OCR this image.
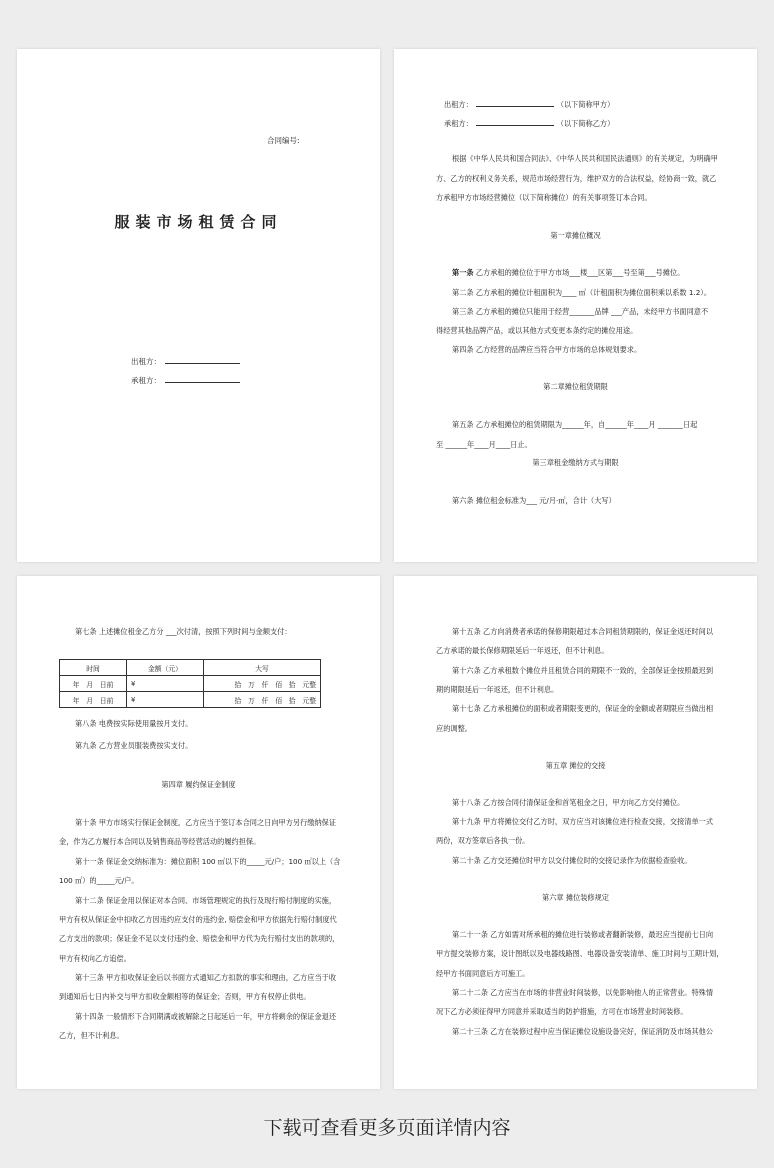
合同编号:
服装市场租赁合同
出租方：
承租方：
出租方：	（以下简称甲方）
承租方：	（以下简称乙方）
根据《中华人民共和国合同法》、《中华人民共和国民法通则》的有关规定，为明确甲
方、乙方的权利义务关系，规范市场经营行为，维护双方的合法权益，经协商一致，就乙
方承租甲方市场经营摊位（以下简称摊位）的有关事项签订本合同。
第一章摊位概况
第一条 乙方承租的摊位位于甲方市场___楼___区第___号至第___号摊位。
第二条 乙方承租的摊位计租面积为____ ㎡（计租面积为摊位面积乘以系数 1.2）。
第三条 乙方承租的摊位只能用于经营_______品牌 ___产品，未经甲方书面同意不
得经营其他品牌产品，或以其他方式变更本条约定的摊位用途。
第四条 乙方经营的品牌应当符合甲方市场的总体规划要求。
第二章摊位租赁期限
第五条 乙方承租摊位的租赁期限为______年，自______年____月 _______日起
至 ______年____月____日止。
第三章租金缴纳方式与期限
第六条 摊位租金标准为___ 元/月·㎡，合计（大写）
第七条 上述摊位租金乙方分 ___次付清，按照下列时间与金额支付：
时间	金额（元）	大写
年　月　日前	¥	拾　万　仟　佰　拾　元整
年　月　日前	¥	拾　万　仟　佰　拾　元整
第八条 电费按实际使用量按月支付。
第九条 乙方营业员服装费按实支付。
第四章 履约保证金制度
第十条 甲方市场实行保证金制度，乙方应当于签订本合同之日向甲方另行缴纳保证
金，作为乙方履行本合同以及销售商品等经营活动的履约担保。
第十一条 保证金交纳标准为：摊位面积 100 ㎡以下的_____元/户；100 ㎡以上（含
100 ㎡）的_____元/户。
第十二条 保证金用以保证对本合同、市场管理规定的执行及现行赔付制度的实施，
甲方有权从保证金中扣收乙方因违约应支付的违约金, 赔偿金和甲方依据先行赔付制度代
乙方支出的款项；保证金不足以支付违约金、赔偿金和甲方代为先行赔付支出的款项的，
甲方有权向乙方追偿。
第十三条 甲方扣收保证金后以书面方式通知乙方扣款的事实和理由，乙方应当于收
到通知后七日内补交与甲方扣收金额相等的保证金；否则，甲方有权停止供电。
第十四条 一般情形下合同期满或被解除之日起延后一年，甲方将剩余的保证金退还
乙方，但不计利息。
第十五条 乙方向消费者承诺的保修期限超过本合同租赁期限的，保证金返还时间以
乙方承诺的最长保修期限延后一年返还，但不计利息。
第十六条 乙方承租数个摊位并且租赁合同的期限不一致的，全部保证金按照最迟到
期的期限延后一年返还，但不计利息。
第十七条 乙方承租摊位的面积或者期限变更的，保证金的金额或者期限应当做出相
应的调整。
第五章 摊位的交接
第十八条 乙方按合同付清保证金和首笔租金之日，甲方向乙方交付摊位。
第十九条 甲方将摊位交付乙方时，双方应当对该摊位进行检查交接，交接清单一式
两份，双方签章后各执一份。
第二十条 乙方交还摊位时甲方以交付摊位时的交接记录作为依据检查验收。
第六章 摊位装修规定
第二十一条 乙方如需对所承租的摊位进行装修或者翻新装修，最迟应当提前七日向
甲方提交装修方案，设计图纸以及电器线路图、电器设备安装清单、施工时间与工期计划，
经甲方书面同意后方可施工。
第二十二条 乙方应当在市场的非营业时间装修，以免影响他人的正常营业。特殊情
况下乙方必须征得甲方同意并采取适当的防护措施，方可在市场营业时间装修。
第二十三条 乙方在装修过程中应当保证摊位设施设备完好，保证消防及市场其他公
下载可查看更多页面详情内容
